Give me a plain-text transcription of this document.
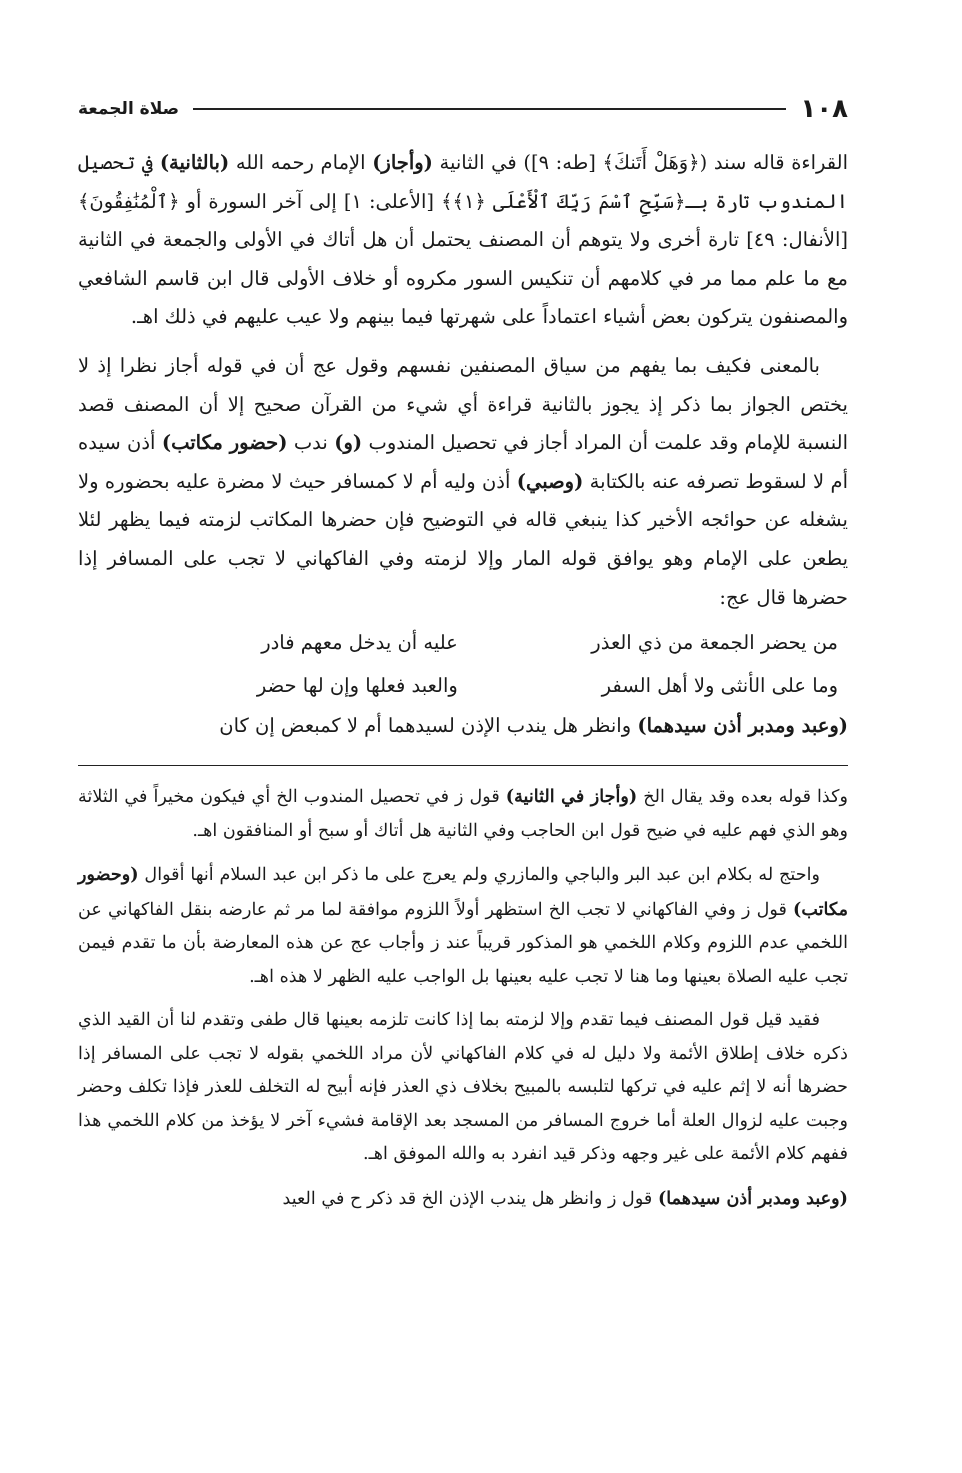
١٠٨
صلاة الجمعة

القراءة قاله سند (﴿وَهَلْ أَتَنكَ﴾ [طه: ٩]) في الثانية (وأجاز) الإمام رحمه الله (بالثانية) في تحصيل المندوب تارة بـ﴿سَبِّحِ ٱسْمَ رَبِّكَ ٱلْأَعْلَى ﴿١﴾﴾ [الأعلى: ١] إلى آخر السورة أو ﴿ٱلْمُنَٰفِقُونَ﴾ [الأنفال: ٤٩] تارة أخرى ولا يتوهم أن المصنف يحتمل أن هل أتاك في الأولى والجمعة في الثانية مع ما علم مما مر في كلامهم أن تنكيس السور مكروه أو خلاف الأولى قال ابن قاسم الشافعي والمصنفون يتركون بعض أشياء اعتماداً على شهرتها فيما بينهم ولا عيب عليهم في ذلك اهـ.

بالمعنى فكيف بما يفهم من سياق المصنفين نفسهم وقول عج أن في قوله أجاز نظرا إذ لا يختص الجواز بما ذكر إذ يجوز بالثانية قراءة أي شيء من القرآن صحيح إلا أن المصنف قصد النسبة للإمام وقد علمت أن المراد أجاز في تحصيل المندوب (و) ندب (حضور مكاتب) أذن سيده أم لا لسقوط تصرفه عنه بالكتابة (وصبي) أذن وليه أم لا كمسافر حيث لا مضرة عليه بحضوره ولا يشغله عن حوائجه الأخير كذا ينبغي قاله في التوضيح فإن حضرها المكاتب لزمته فيما يظهر لئلا يطعن على الإمام وهو يوافق قوله المار وإلا لزمته وفي الفاكهاني لا تجب على المسافر إذا حضرها قال عج:

من يحضر الجمعة من ذي العذر
عليه أن يدخل معهم فادر
وما على الأنثى ولا أهل السفر
والعبد فعلها وإن لها حضر

(وعبد ومدبر أذن سيدهما) وانظر هل يندب الإذن لسيدهما أم لا كمبعض إن كان

وكذا قوله بعده وقد يقال الخ (وأجاز في الثانية) قول ز في تحصيل المندوب الخ أي فيكون مخيراً في الثلاثة وهو الذي فهم عليه في ضيح قول ابن الحاجب وفي الثانية هل أتاك أو سبح أو المنافقون اهـ.

واحتج له بكلام ابن عبد البر والباجي والمازري ولم يعرج على ما ذكر ابن عبد السلام أنها أقوال (وحضور مكاتب) قول ز وفي الفاكهاني لا تجب الخ استظهر أولاً اللزوم موافقة لما مر ثم عارضه بنقل الفاكهاني عن اللخمي عدم اللزوم وكلام اللخمي هو المذكور قريباً عند ز وأجاب عج عن هذه المعارضة بأن ما تقدم فيمن تجب عليه الصلاة بعينها وما هنا لا تجب عليه بعينها بل الواجب عليه الظهر لا هذه اهـ.

فقيد قيل قول المصنف فيما تقدم وإلا لزمته بما إذا كانت تلزمه بعينها قال طفى وتقدم لنا أن القيد الذي ذكره خلاف إطلاق الأئمة ولا دليل له في كلام الفاكهاني لأن مراد اللخمي بقوله لا تجب على المسافر إذا حضرها أنه لا إثم عليه في تركها لتلبسه بالمبيح بخلاف ذي العذر فإنه أبيح له التخلف للعذر فإذا تكلف وحضر وجبت عليه لزوال العلة أما خروج المسافر من المسجد بعد الإقامة فشيء آخر لا يؤخذ من كلام اللخمي هذا ففهم كلام الأئمة على غير وجهه وذكر قيد انفرد به والله الموفق اهـ.

(وعبد ومدبر أذن سيدهما) قول ز وانظر هل يندب الإذن الخ قد ذكر ح في العيد
